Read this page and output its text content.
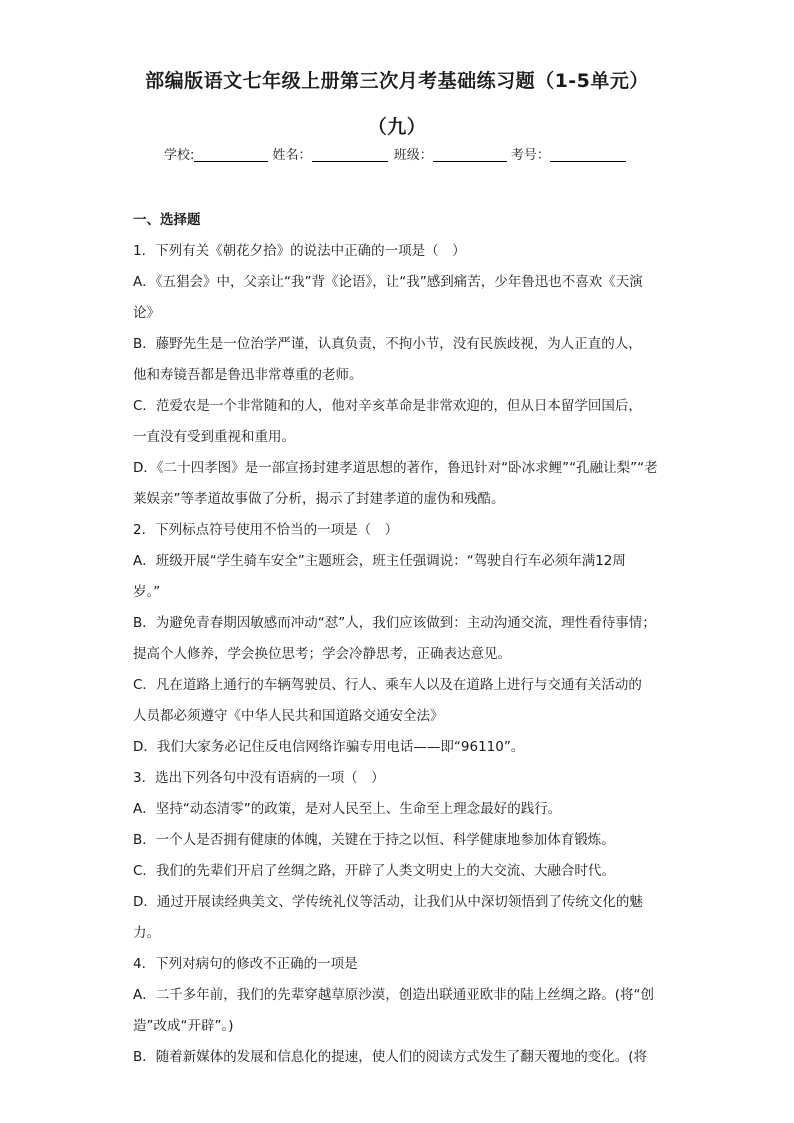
部编版语文七年级上册第三次月考基础练习题（1-5单元）
（九）
学校:	姓名：	班级：	考号：

一、选择题

1．下列有关《朝花夕拾》的说法中正确的一项是（　）

A．《五猖会》中，父亲让“我”背《论语》，让“我”感到痛苦，少年鲁迅也不喜欢《天演

论》

B．藤野先生是一位治学严谨，认真负责，不拘小节，没有民族歧视，为人正直的人，

他和寿镜吾都是鲁迅非常尊重的老师。

C．范爱农是一个非常随和的人，他对辛亥革命是非常欢迎的，但从日本留学回国后，

一直没有受到重视和重用。

D．《二十四孝图》是一部宣扬封建孝道思想的著作，鲁迅针对“卧冰求鲤”“孔融让梨”“老

莱娱亲”等孝道故事做了分析，揭示了封建孝道的虚伪和残酷。

2．下列标点符号使用不恰当的一项是（　）

A．班级开展“学生骑车安全”主题班会，班主任强调说：“驾驶自行车必须年满12周

岁。”

B．为避免青春期因敏感而冲动“怼”人，我们应该做到：主动沟通交流，理性看待事情；

提高个人修养，学会换位思考；学会冷静思考，正确表达意见。

C．凡在道路上通行的车辆驾驶员、行人、乘车人以及在道路上进行与交通有关活动的

人员都必须遵守《中华人民共和国道路交通安全法》

D．我们大家务必记住反电信网络诈骗专用电话——即“96110”。

3．选出下列各句中没有语病的一项（　）

A．坚持“动态清零”的政策，是对人民至上、生命至上理念最好的践行。

B．一个人是否拥有健康的体魄，关键在于持之以恒、科学健康地参加体育锻炼。

C．我们的先辈们开启了丝绸之路，开辟了人类文明史上的大交流、大融合时代。

D．通过开展读经典美文、学传统礼仪等活动，让我们从中深切领悟到了传统文化的魅

力。

4．下列对病句的修改不正确的一项是

A．二千多年前，我们的先辈穿越草原沙漠，创造出联通亚欧非的陆上丝绸之路。(将“创

造”改成“开辟”。)

B．随着新媒体的发展和信息化的提速，使人们的阅读方式发生了翻天覆地的变化。(将
